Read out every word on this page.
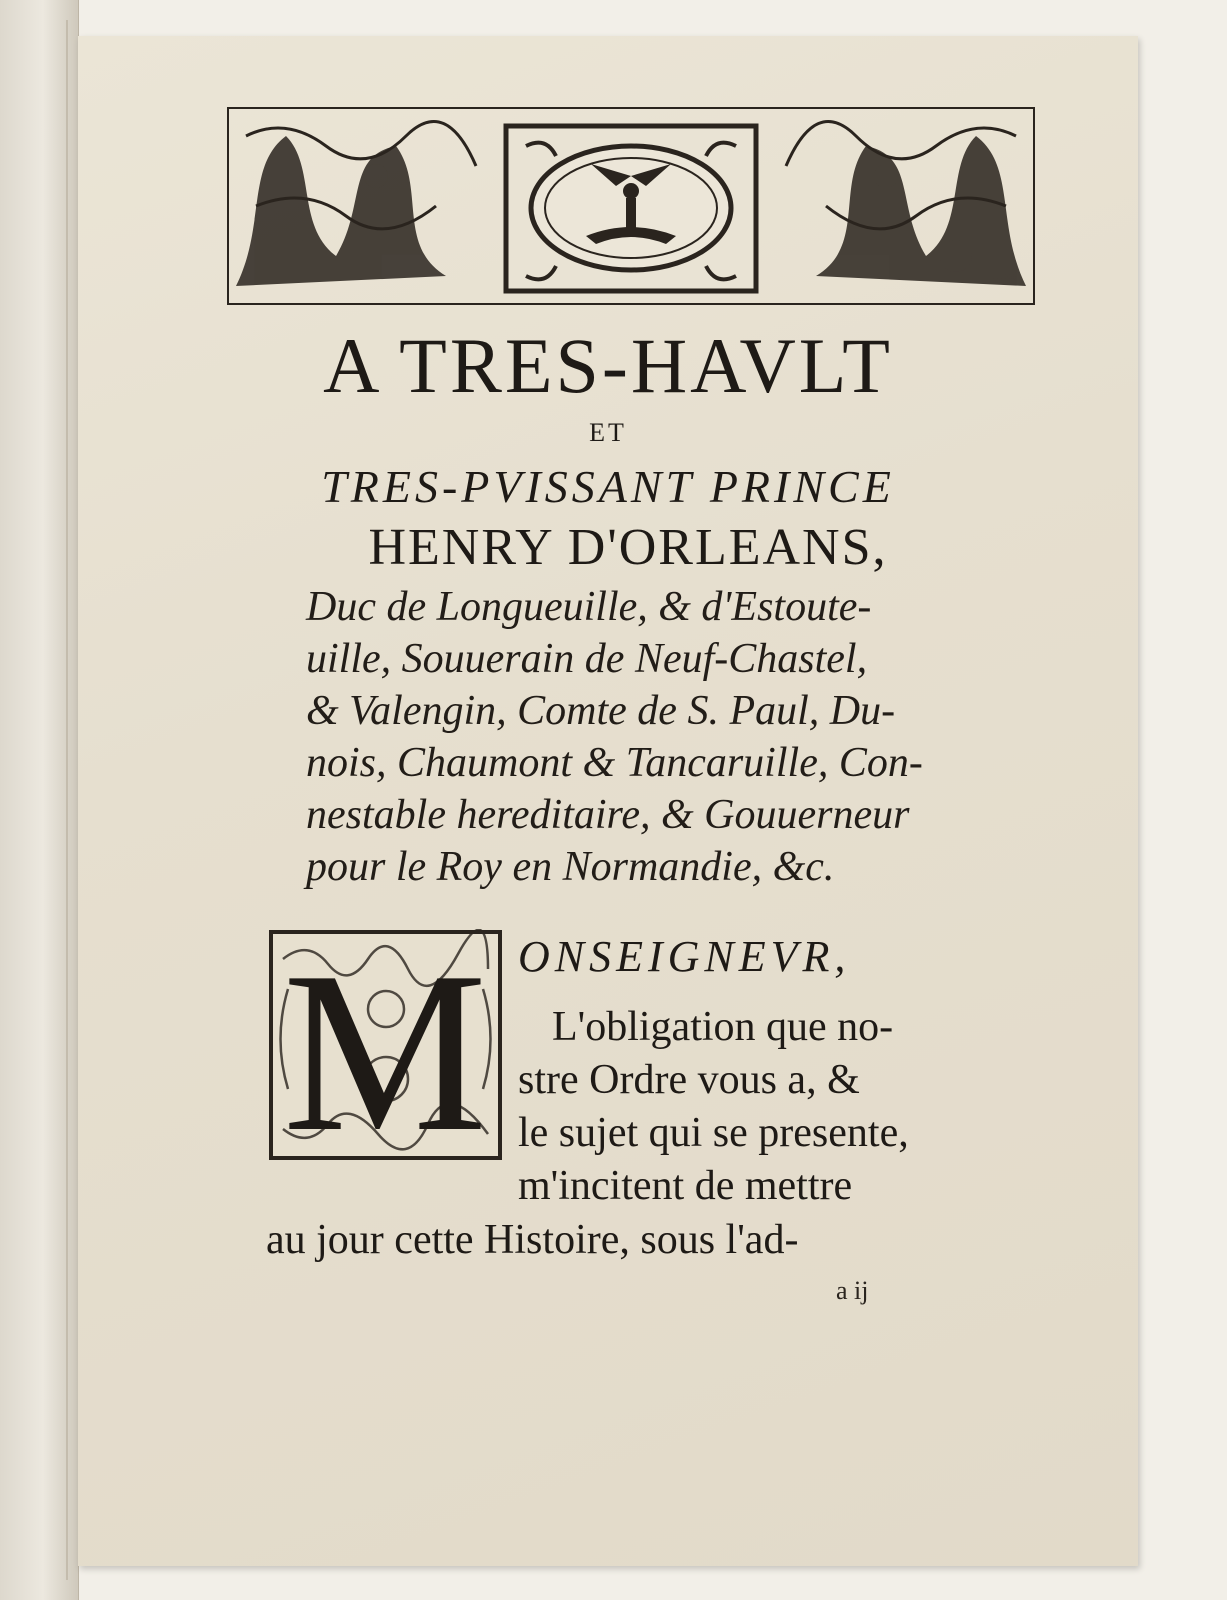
A TRES-HAVLT
ET
TRES-PVISSANT PRINCE
HENRY D'ORLEANS,
Duc de Longueuille, & d'Estoute-
uille, Souuerain de Neuf-Chastel,
& Valengin, Comte de S. Paul, Du-
nois, Chaumont & Tancaruille, Con-
nestable hereditaire, & Gouuerneur
pour le Roy en Normandie, &c.
M ONSEIGNEVR,
L'obligation que no-
stre Ordre vous a, &
le sujet qui se presente,
m'incitent de mettre
au jour cette Histoire, sous l'ad-
a ij
